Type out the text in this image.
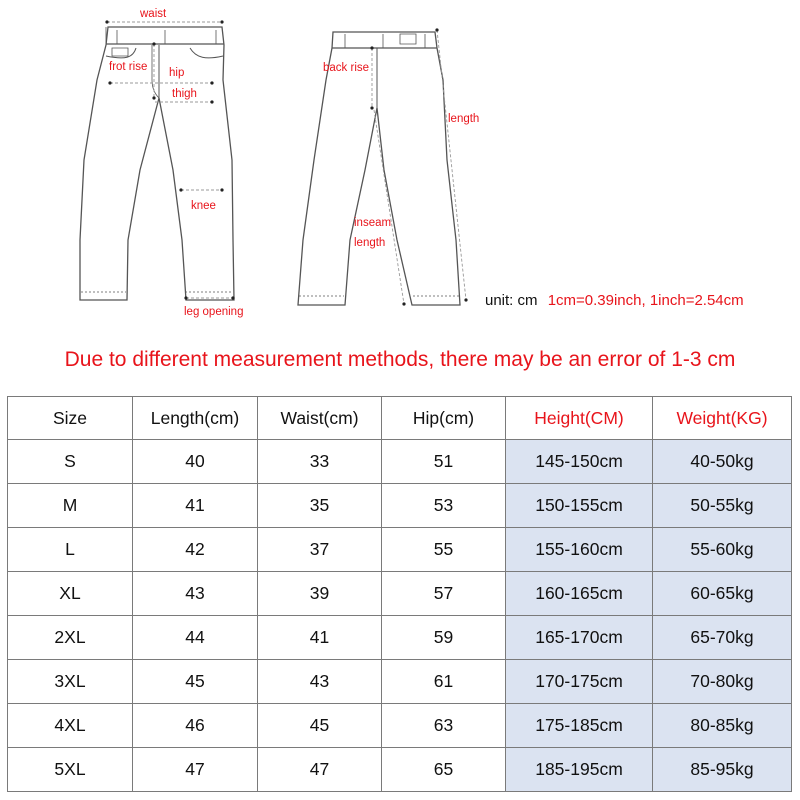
waist
frot rise hip
thigh
knee
leg opening
back rise
length
inseam
length
unit: cm 1cm=0.39inch, 1inch=2.54cm
Due to different measurement methods, there may be an error of 1-3 cm
Size	Length(cm)	Waist(cm)	Hip(cm)	Height(CM)	Weight(KG)
S	40	33	51	145-150cm	40-50kg
M	41	35	53	150-155cm	50-55kg
L	42	37	55	155-160cm	55-60kg
XL	43	39	57	160-165cm	60-65kg
2XL	44	41	59	165-170cm	65-70kg
3XL	45	43	61	170-175cm	70-80kg
4XL	46	45	63	175-185cm	80-85kg
5XL	47	47	65	185-195cm	85-95kg
